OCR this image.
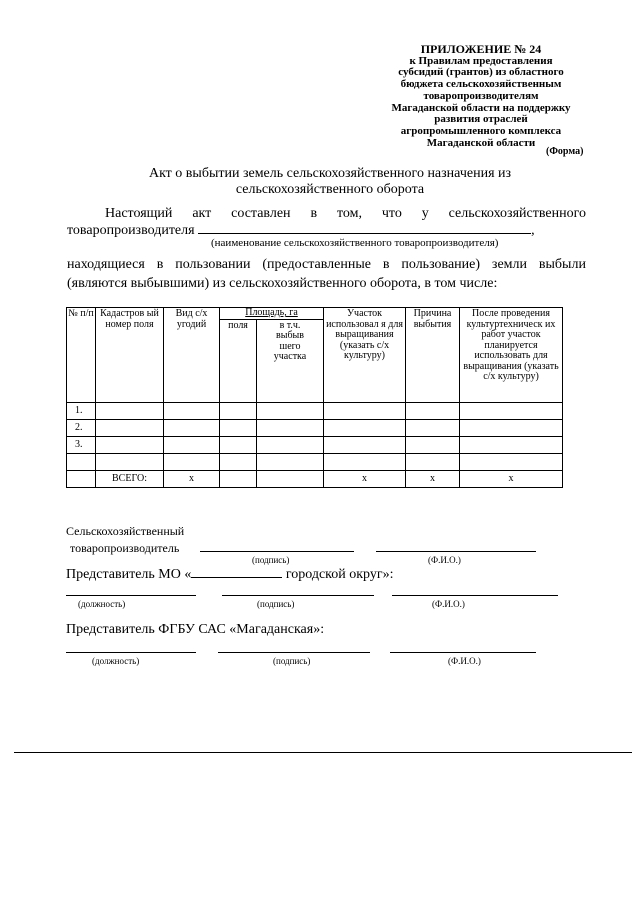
ПРИЛОЖЕНИЕ № 24
к Правилам предоставления
субсидий (грантов) из областного
бюджета сельскохозяйственным
товаропроизводителям
Магаданской области на поддержку
развития отраслей
агропромышленного комплекса
Магаданской области
(Форма)
Акт о выбытии земель сельскохозяйственного назначения из
сельскохозяйственного оборота
Настоящий акт составлен в том, что у сельскохозяйственного
товаропроизводителя	,
(наименование сельскохозяйственного товаропроизводителя)
находящиеся в пользовании (предоставленные в пользование) земли выбыли
(являются выбывшими) из сельскохозяйственного оборота, в том числе:
№ п/п	Кадастров ый номер поля	Вид с/х угодий	Площадь, га		Участок использовал я для выращивания (указать с/х культуру)	Причина выбытия	После проведения культуртехническ их работ участок планируется использовать для выращивания (указать с/х культуру)
			поля	в т.ч. выбыв шего участка			
1.							
2.							
3.							

	ВСЕГО:	х			х	х	х
Сельскохозяйственный
товаропроизводитель
(подпись)	(Ф.И.О.)
Представитель МО «	городской округ»:
(должность)	(подпись)	(Ф.И.О.)
Представитель ФГБУ САС «Магаданская»:
(должность)	(подпись)	(Ф.И.О.)
